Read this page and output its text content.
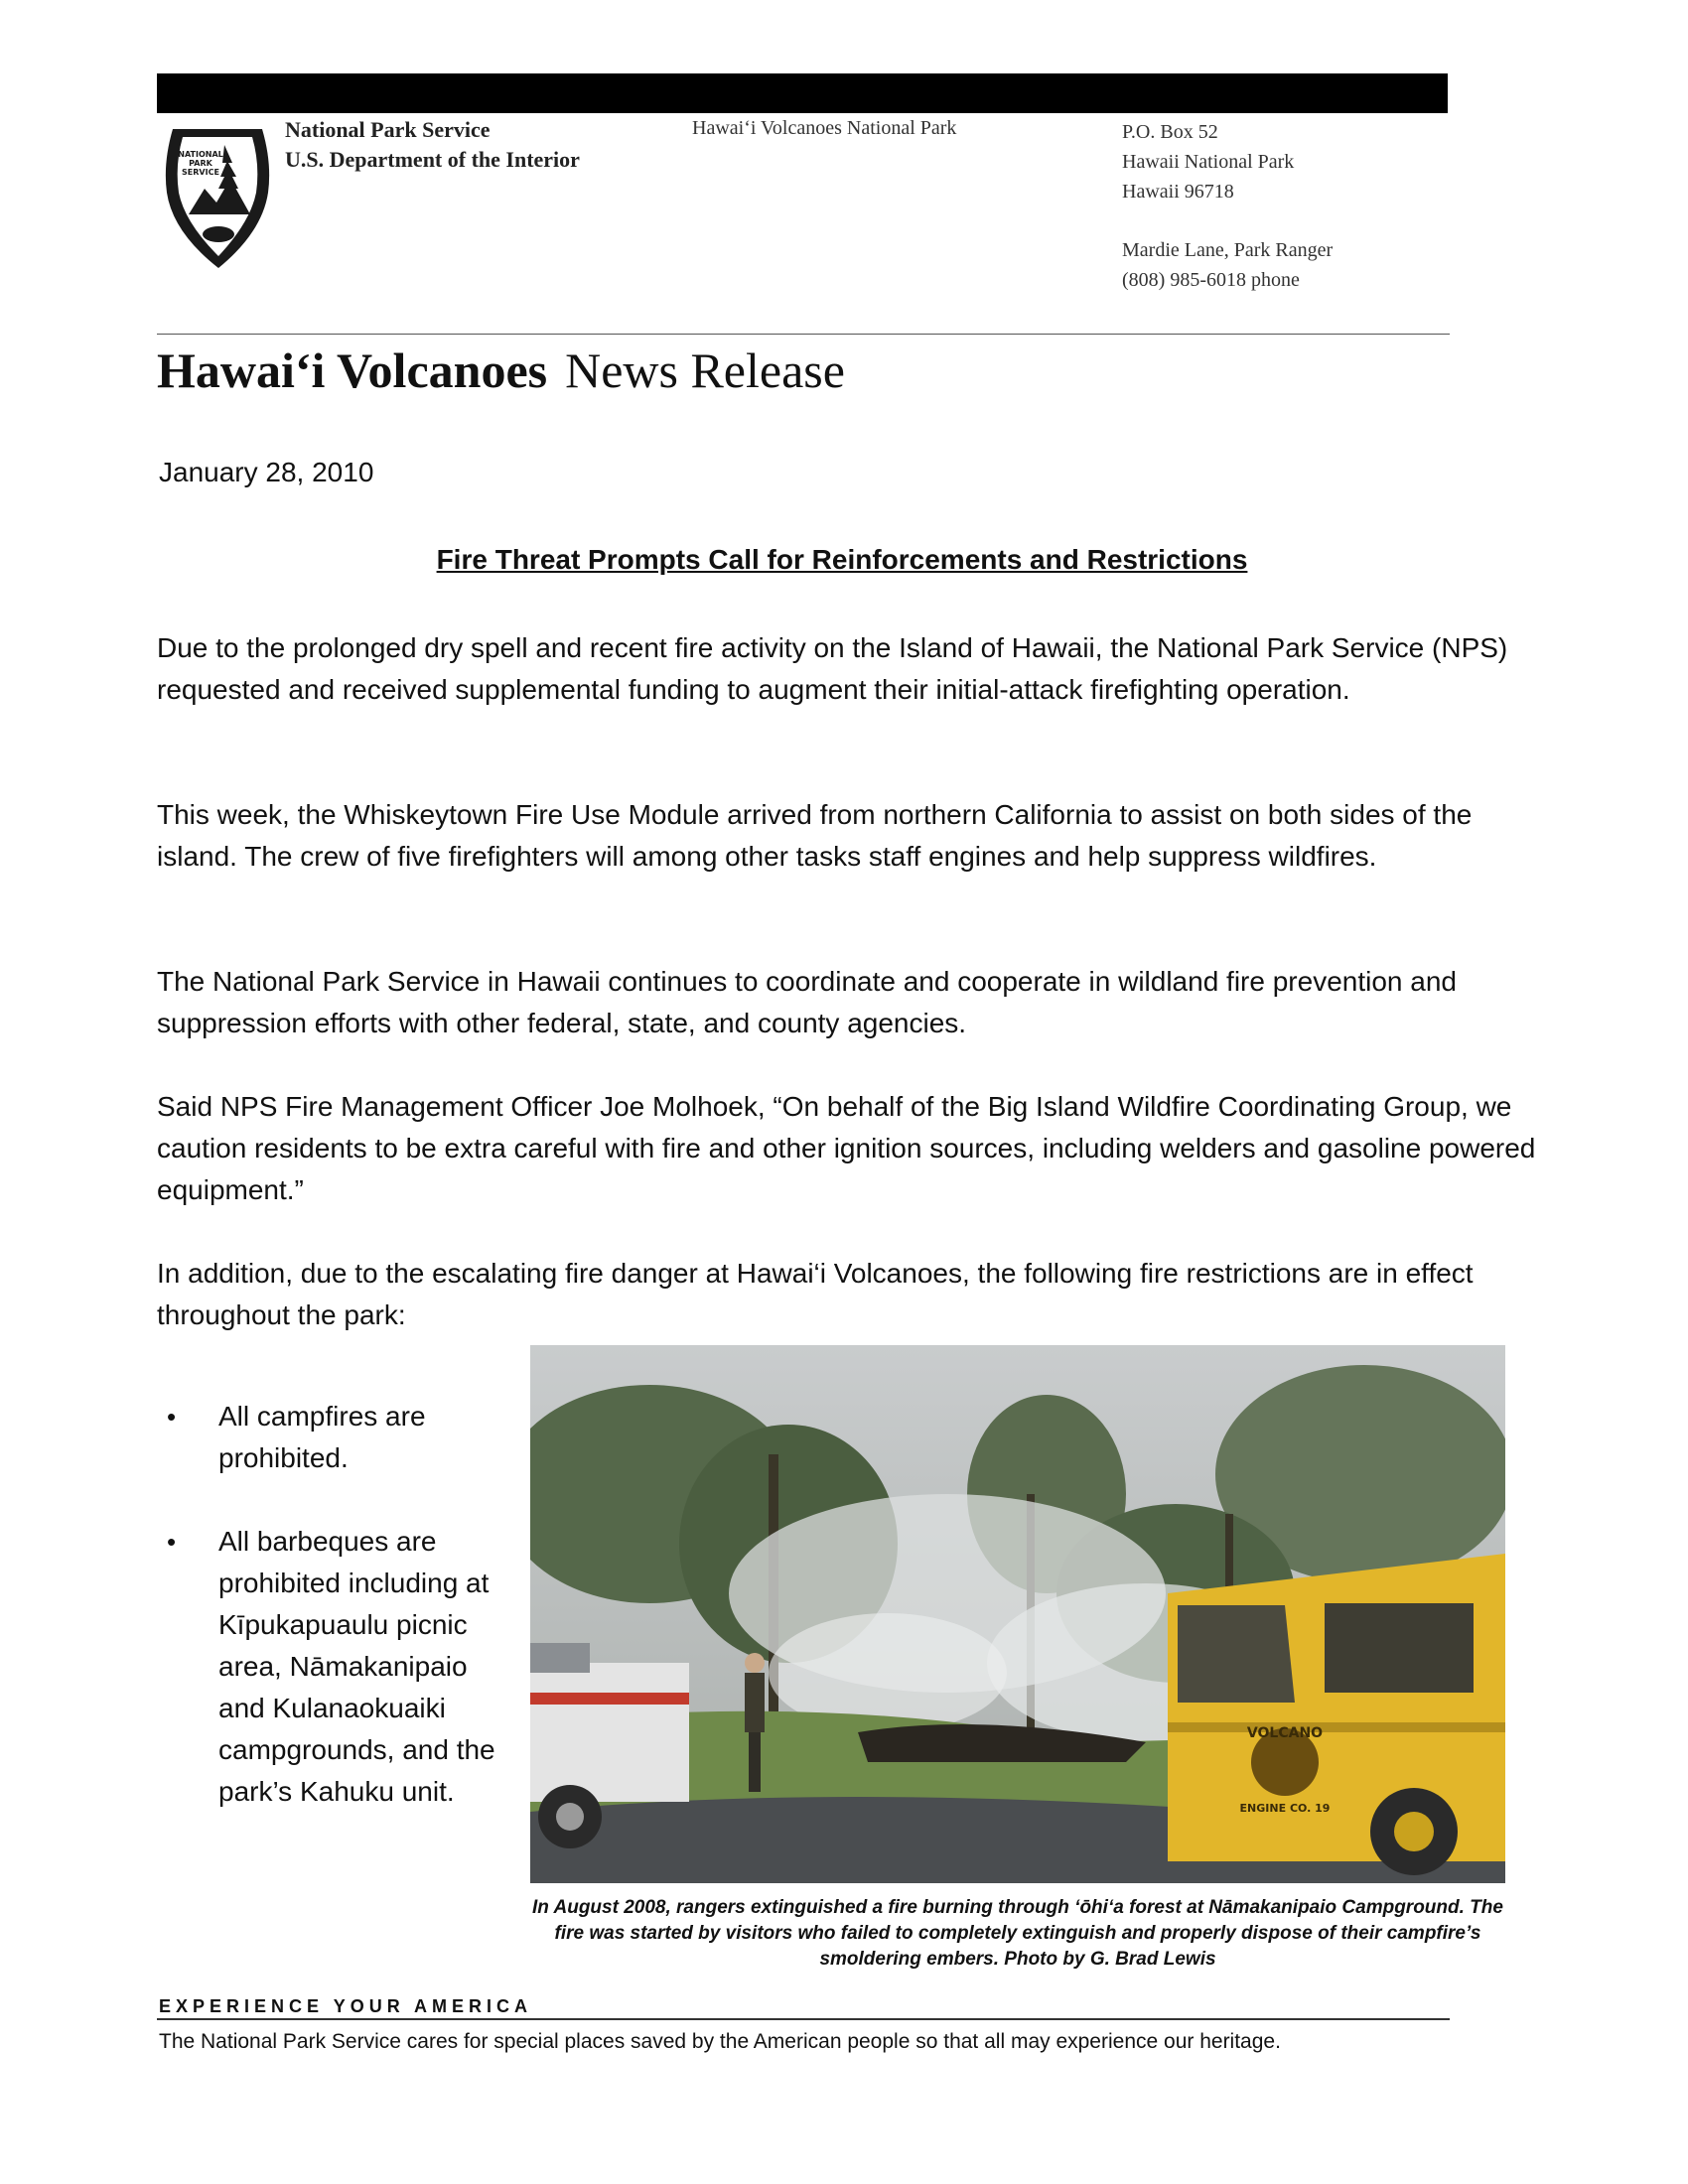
NATIONAL
PARK
SERVICE
National Park Service
U.S. Department of the Interior
Hawai‘i Volcanoes National Park	P.O. Box 52
Hawaii National Park
Hawaii 96718
Mardie Lane, Park Ranger
(808) 985-6018 phone
Hawai‘i Volcanoes News Release
January 28, 2010
Fire Threat Prompts Call for Reinforcements and Restrictions

Due to the prolonged dry spell and recent fire activity on the Island of Hawaii, the National Park Service (NPS) requested and received supplemental funding to augment their initial-attack firefighting operation.

This week, the Whiskeytown Fire Use Module arrived from northern California to assist on both sides of the island. The crew of five firefighters will among other tasks staff engines and help suppress wildfires.

The National Park Service in Hawaii continues to coordinate and cooperate in wildland fire prevention and suppression efforts with other federal, state, and county agencies.

Said NPS Fire Management Officer Joe Molhoek, “On behalf of the Big Island Wildfire Coordinating Group, we caution residents to be extra careful with fire and other ignition sources, including welders and gasoline powered equipment.”

In addition, due to the escalating fire danger at Hawai‘i Volcanoes, the following fire restrictions are in effect throughout the park:

•	All campfires are prohibited.
•	All barbeques are prohibited including at Kīpukapuaulu picnic area, Nāmakanipaio and Kulanaokuaiki campgrounds, and the park’s Kahuku unit.
VOLCANO
ENGINE CO. 19
In August 2008, rangers extinguished a fire burning through ‘ōhi‘a forest at Nāmakanipaio Campground. The fire was started by visitors who failed to completely extinguish and properly dispose of their campfire’s smoldering embers. Photo by G. Brad Lewis
EXPERIENCE YOUR AMERICA
The National Park Service cares for special places saved by the American people so that all may experience our heritage.
